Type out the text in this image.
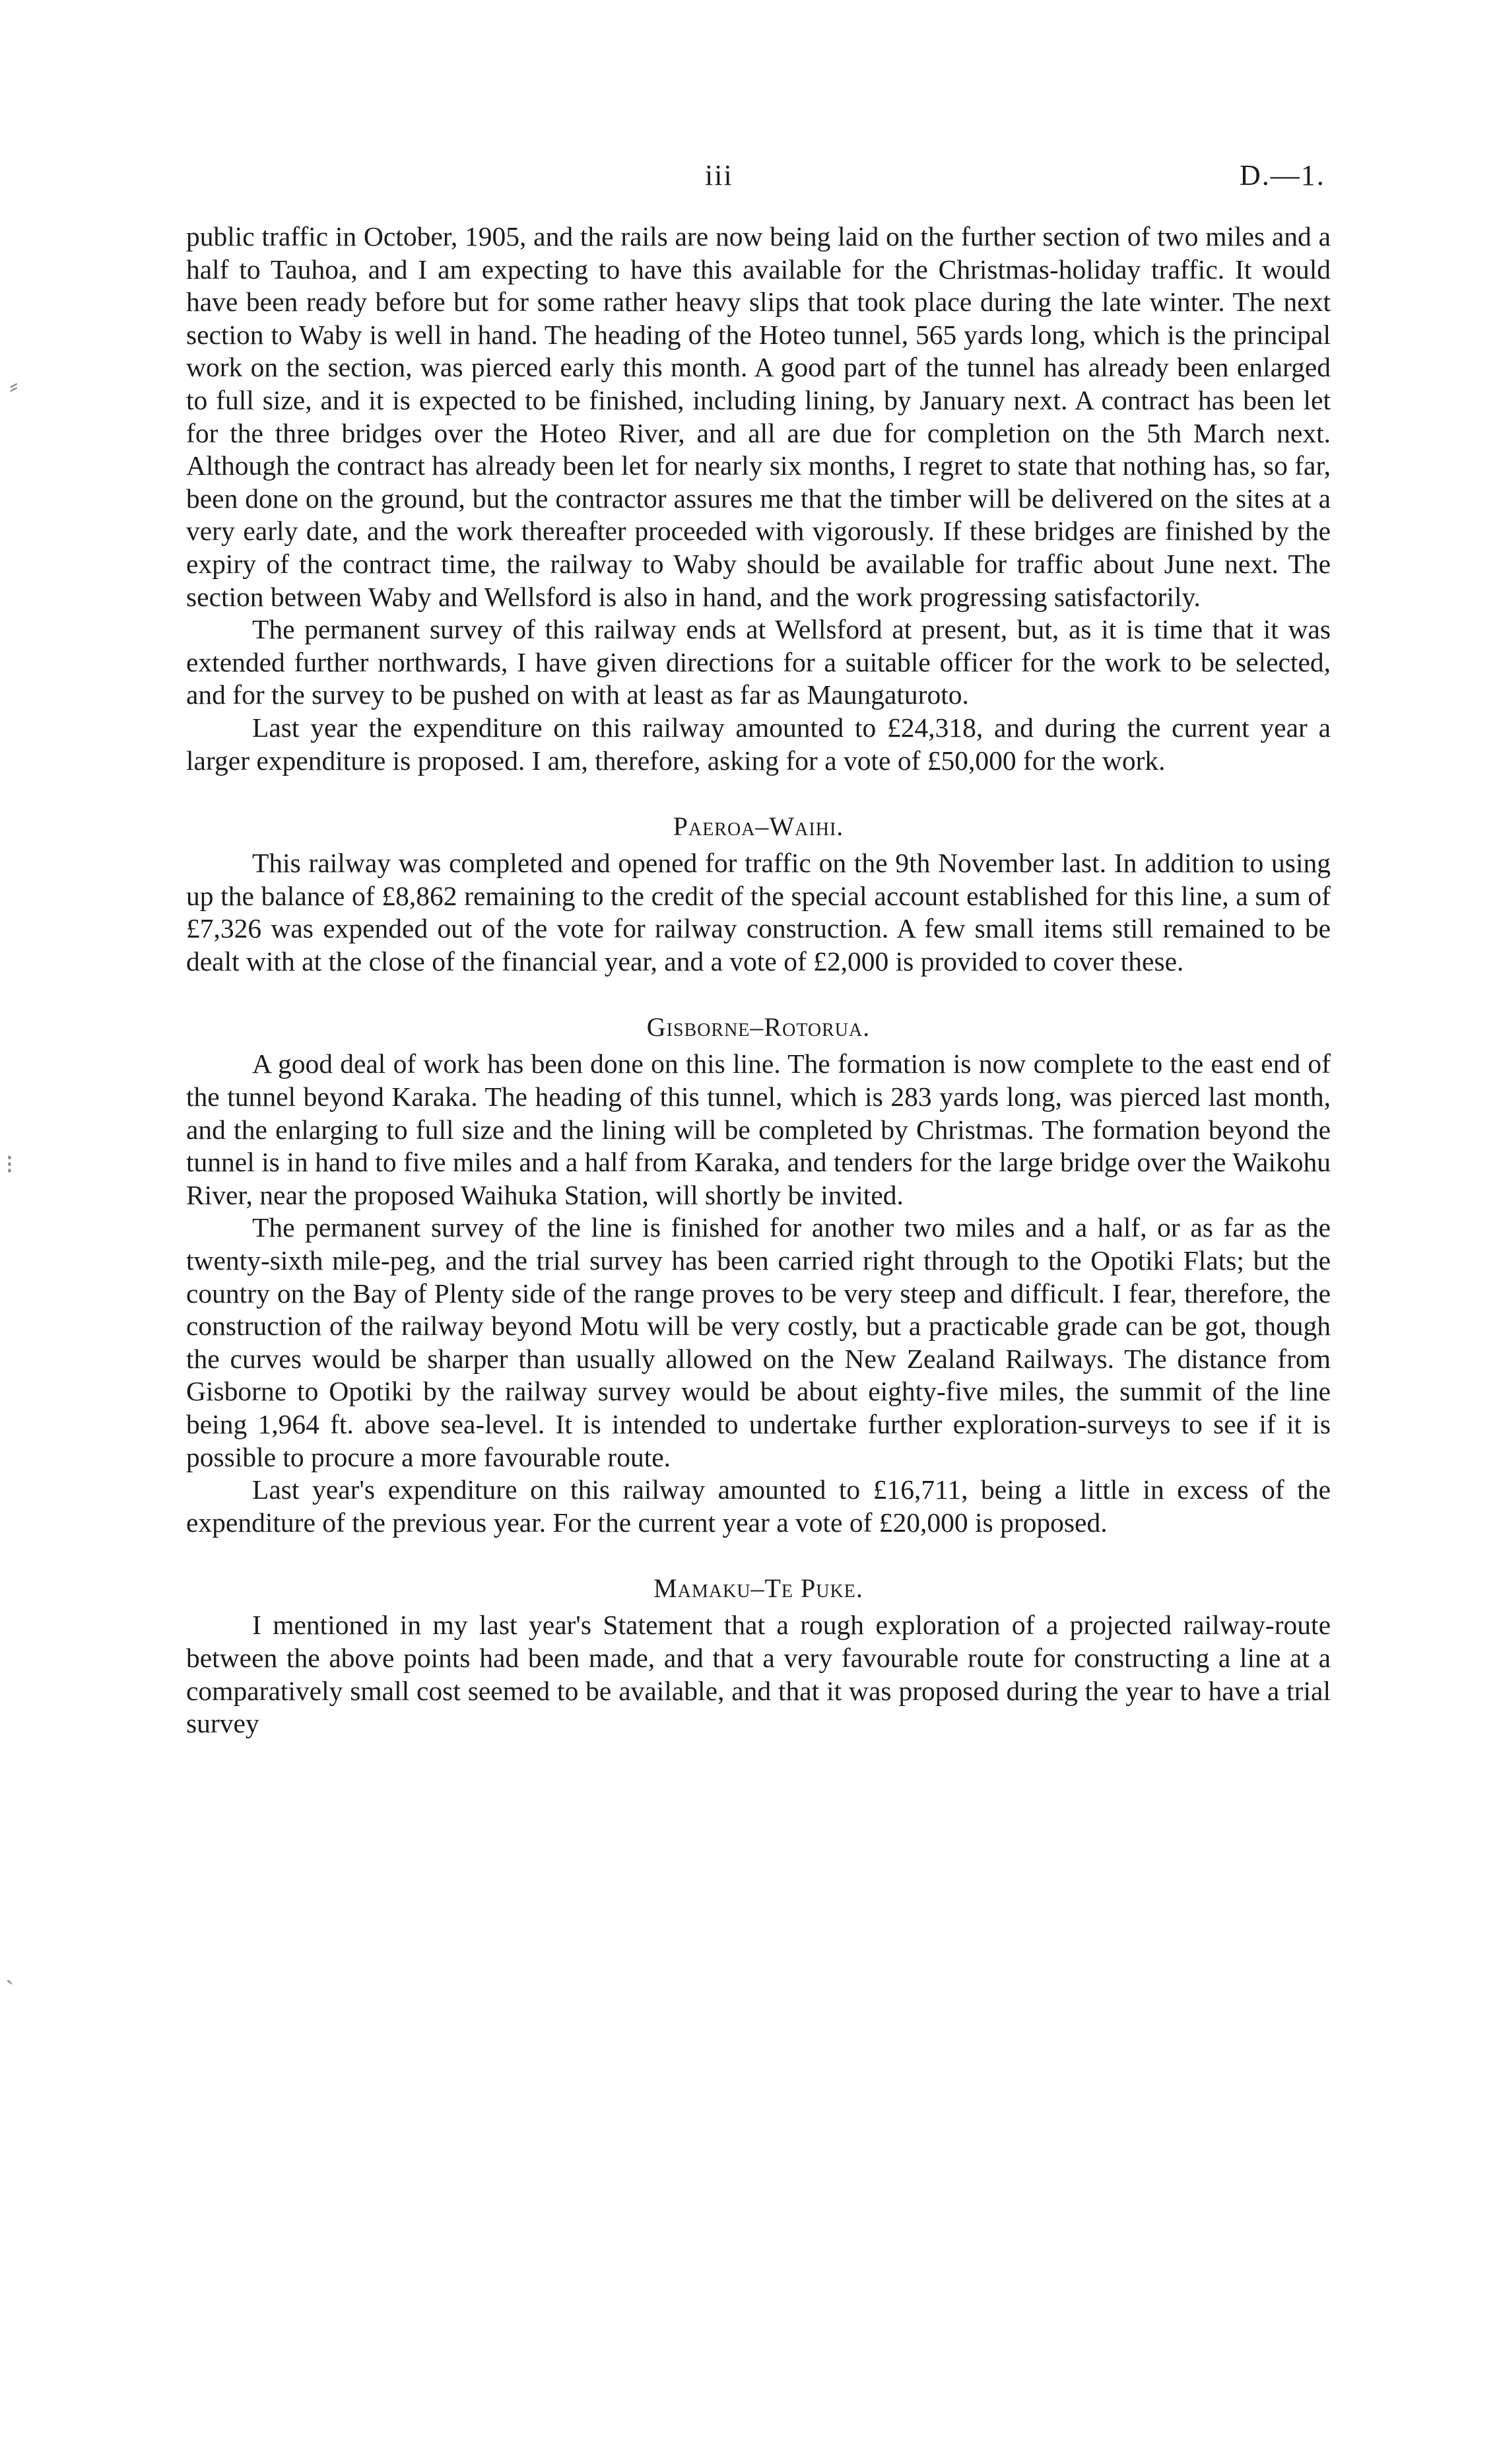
iii	D.—1.
⸗
⁝
ˎ

public traffic in October, 1905, and the rails are now being laid on the further section of two miles and a half to Tauhoa, and I am expecting to have this available for the Christmas-holiday traffic. It would have been ready before but for some rather heavy slips that took place during the late winter. The next section to Waby is well in hand. The heading of the Hoteo tunnel, 565 yards long, which is the principal work on the section, was pierced early this month. A good part of the tunnel has already been enlarged to full size, and it is expected to be finished, including lining, by January next. A contract has been let for the three bridges over the Hoteo River, and all are due for completion on the 5th March next. Although the contract has already been let for nearly six months, I regret to state that nothing has, so far, been done on the ground, but the contractor assures me that the timber will be delivered on the sites at a very early date, and the work thereafter proceeded with vigorously. If these bridges are finished by the expiry of the contract time, the railway to Waby should be available for traffic about June next. The section between Waby and Wellsford is also in hand, and the work progressing satisfactorily.

The permanent survey of this railway ends at Wellsford at present, but, as it is time that it was extended further northwards, I have given directions for a suitable officer for the work to be selected, and for the survey to be pushed on with at least as far as Maungaturoto.

Last year the expenditure on this railway amounted to £24,318, and during the current year a larger expenditure is proposed. I am, therefore, asking for a vote of £50,000 for the work.

Paeroa–Waihi.

This railway was completed and opened for traffic on the 9th November last. In addition to using up the balance of £8,862 remaining to the credit of the special account established for this line, a sum of £7,326 was expended out of the vote for railway construction. A few small items still remained to be dealt with at the close of the financial year, and a vote of £2,000 is provided to cover these.

Gisborne–Rotorua.

A good deal of work has been done on this line. The formation is now complete to the east end of the tunnel beyond Karaka. The heading of this tunnel, which is 283 yards long, was pierced last month, and the enlarging to full size and the lining will be completed by Christmas. The formation beyond the tunnel is in hand to five miles and a half from Karaka, and tenders for the large bridge over the Waikohu River, near the proposed Waihuka Station, will shortly be invited.

The permanent survey of the line is finished for another two miles and a half, or as far as the twenty-sixth mile-peg, and the trial survey has been carried right through to the Opotiki Flats; but the country on the Bay of Plenty side of the range proves to be very steep and difficult. I fear, therefore, the construction of the railway beyond Motu will be very costly, but a practicable grade can be got, though the curves would be sharper than usually allowed on the New Zealand Railways. The distance from Gisborne to Opotiki by the railway survey would be about eighty-five miles, the summit of the line being 1,964 ft. above sea-level. It is intended to undertake further exploration-surveys to see if it is possible to procure a more favourable route.

Last year's expenditure on this railway amounted to £16,711, being a little in excess of the expenditure of the previous year. For the current year a vote of £20,000 is proposed.

Mamaku–Te Puke.

I mentioned in my last year's Statement that a rough exploration of a projected railway-route between the above points had been made, and that a very favourable route for constructing a line at a comparatively small cost seemed to be available, and that it was proposed during the year to have a trial survey
